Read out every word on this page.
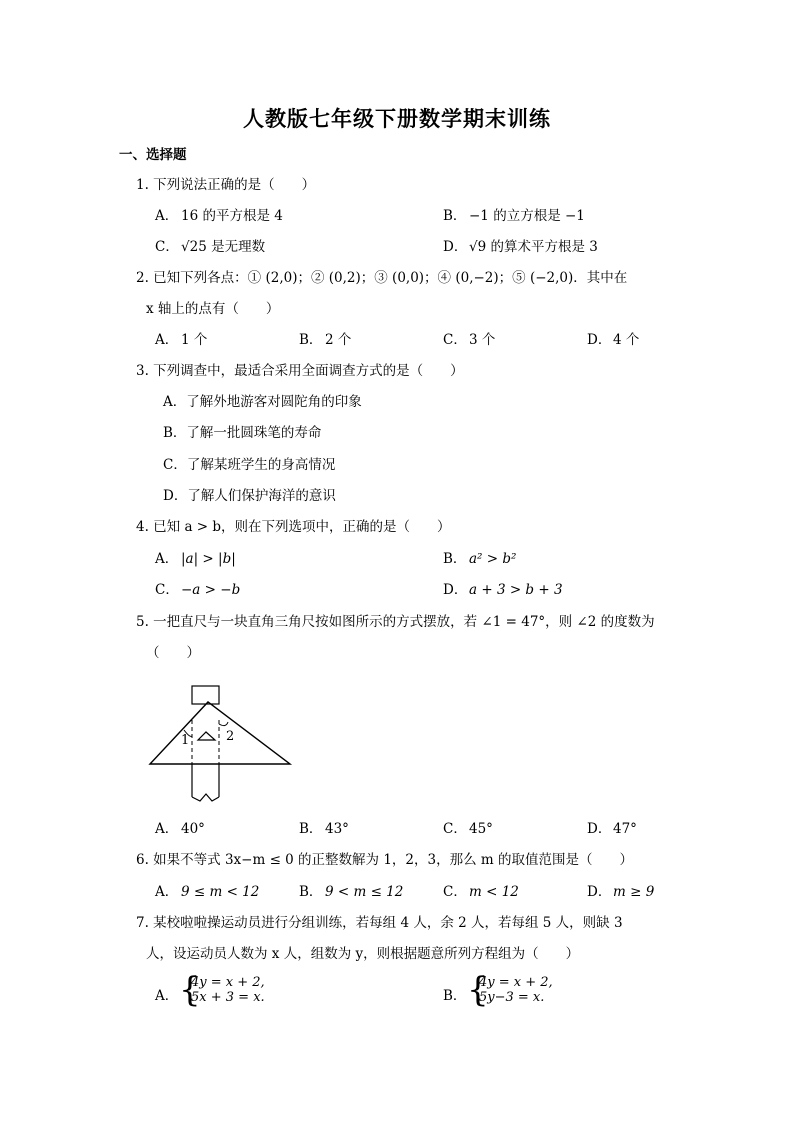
人教版七年级下册数学期末训练
一、选择题
1. 下列说法正确的是（　　）
A． 16 的平方根是 4	B． −1 的立方根是 −1
C． √25 是无理数	D． √9 的算术平方根是 3
2. 已知下列各点：① (2,0)；② (0,2)；③ (0,0)；④ (0,−2)；⑤ (−2,0)．其中在
x 轴上的点有（　　）
A． 1 个	B． 2 个	C． 3 个	D． 4 个
3. 下列调查中，最适合采用全面调查方式的是（　　）
A．了解外地游客对圆陀角的印象
B．了解一批圆珠笔的寿命
C．了解某班学生的身高情况
D．了解人们保护海洋的意识
4. 已知 a > b，则在下列选项中，正确的是（　　）
A． |a| > |b|	B． a² > b²
C． −a > −b	D． a + 3 > b + 3
5. 一把直尺与一块直角三角尺按如图所示的方式摆放，若 ∠1 = 47°，则 ∠2 的度数为
（　　）
1	2
A． 40°	B． 43°	C． 45°	D． 47°
6. 如果不等式 3x−m ≤ 0 的正整数解为 1，2，3，那么 m 的取值范围是（　　）
A． 9 ≤ m < 12	B． 9 < m ≤ 12	C． m < 12	D． m ≥ 9
7. 某校啦啦操运动员进行分组训练，若每组 4 人，余 2 人，若每组 5 人，则缺 3
人，设运动员人数为 x 人，组数为 y，则根据题意所列方程组为（　　）
A． {
4y = x + 2,
5x + 3 = x.	B． {
4y = x + 2,
5y−3 = x.
